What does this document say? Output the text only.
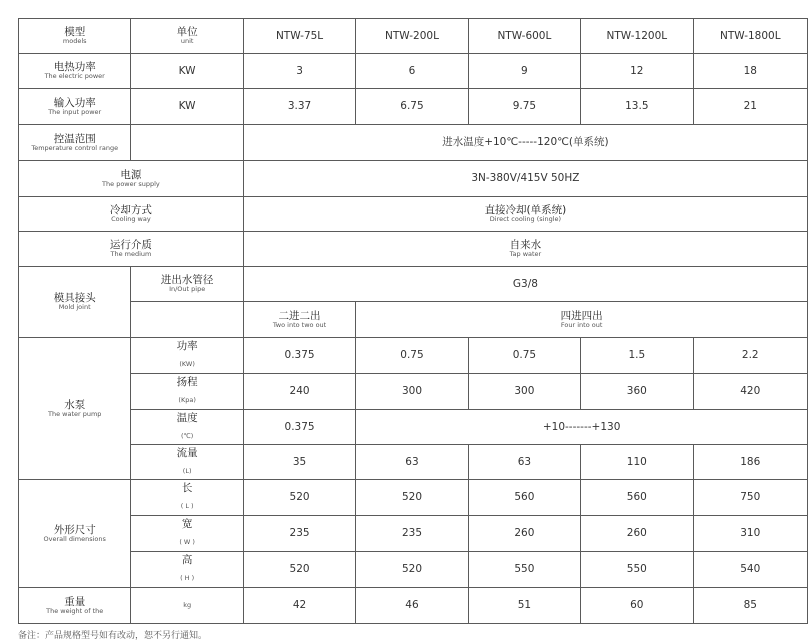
模型
models	单位
unit	NTW-75L	NTW-200L	NTW-600L	NTW-1200L	NTW-1800L

电热功率
The electric power	KW	3	6	9	12	18

输入功率
The input power	KW	3.37	6.75	9.75	13.5	21

控温范围
Temperature control range		进水温度+10℃-----120℃(单系统)				

电源
The power supply		3N-380V/415V 50HZ				

冷却方式
Cooling way		直接冷却(单系统)
Direct cooling (single)				

运行介质
The medium		自来水
Tap water				

模具接头
Mold joint	进出水管径
In/Out pipe	G3/8				

		二进二出
Two into two out	四进四出
Four into out			

水泵
The water pump	功率
(KW)	0.375	0.75	0.75	1.5	2.2

	扬程
(Kpa)	240	300	300	360	420

	温度
(℃)	0.375	+10-------+130			

	流量
(L)	35	63	63	110	186

外形尺寸
Overall dimensions	长
( L )	520	520	560	560	750

	宽
( W )	235	235	260	260	310

	高
( H )	520	520	550	550	540

重量
The weight of the	kg	42	46	51	60	85
备注：产品规格型号如有改动，恕不另行通知。
